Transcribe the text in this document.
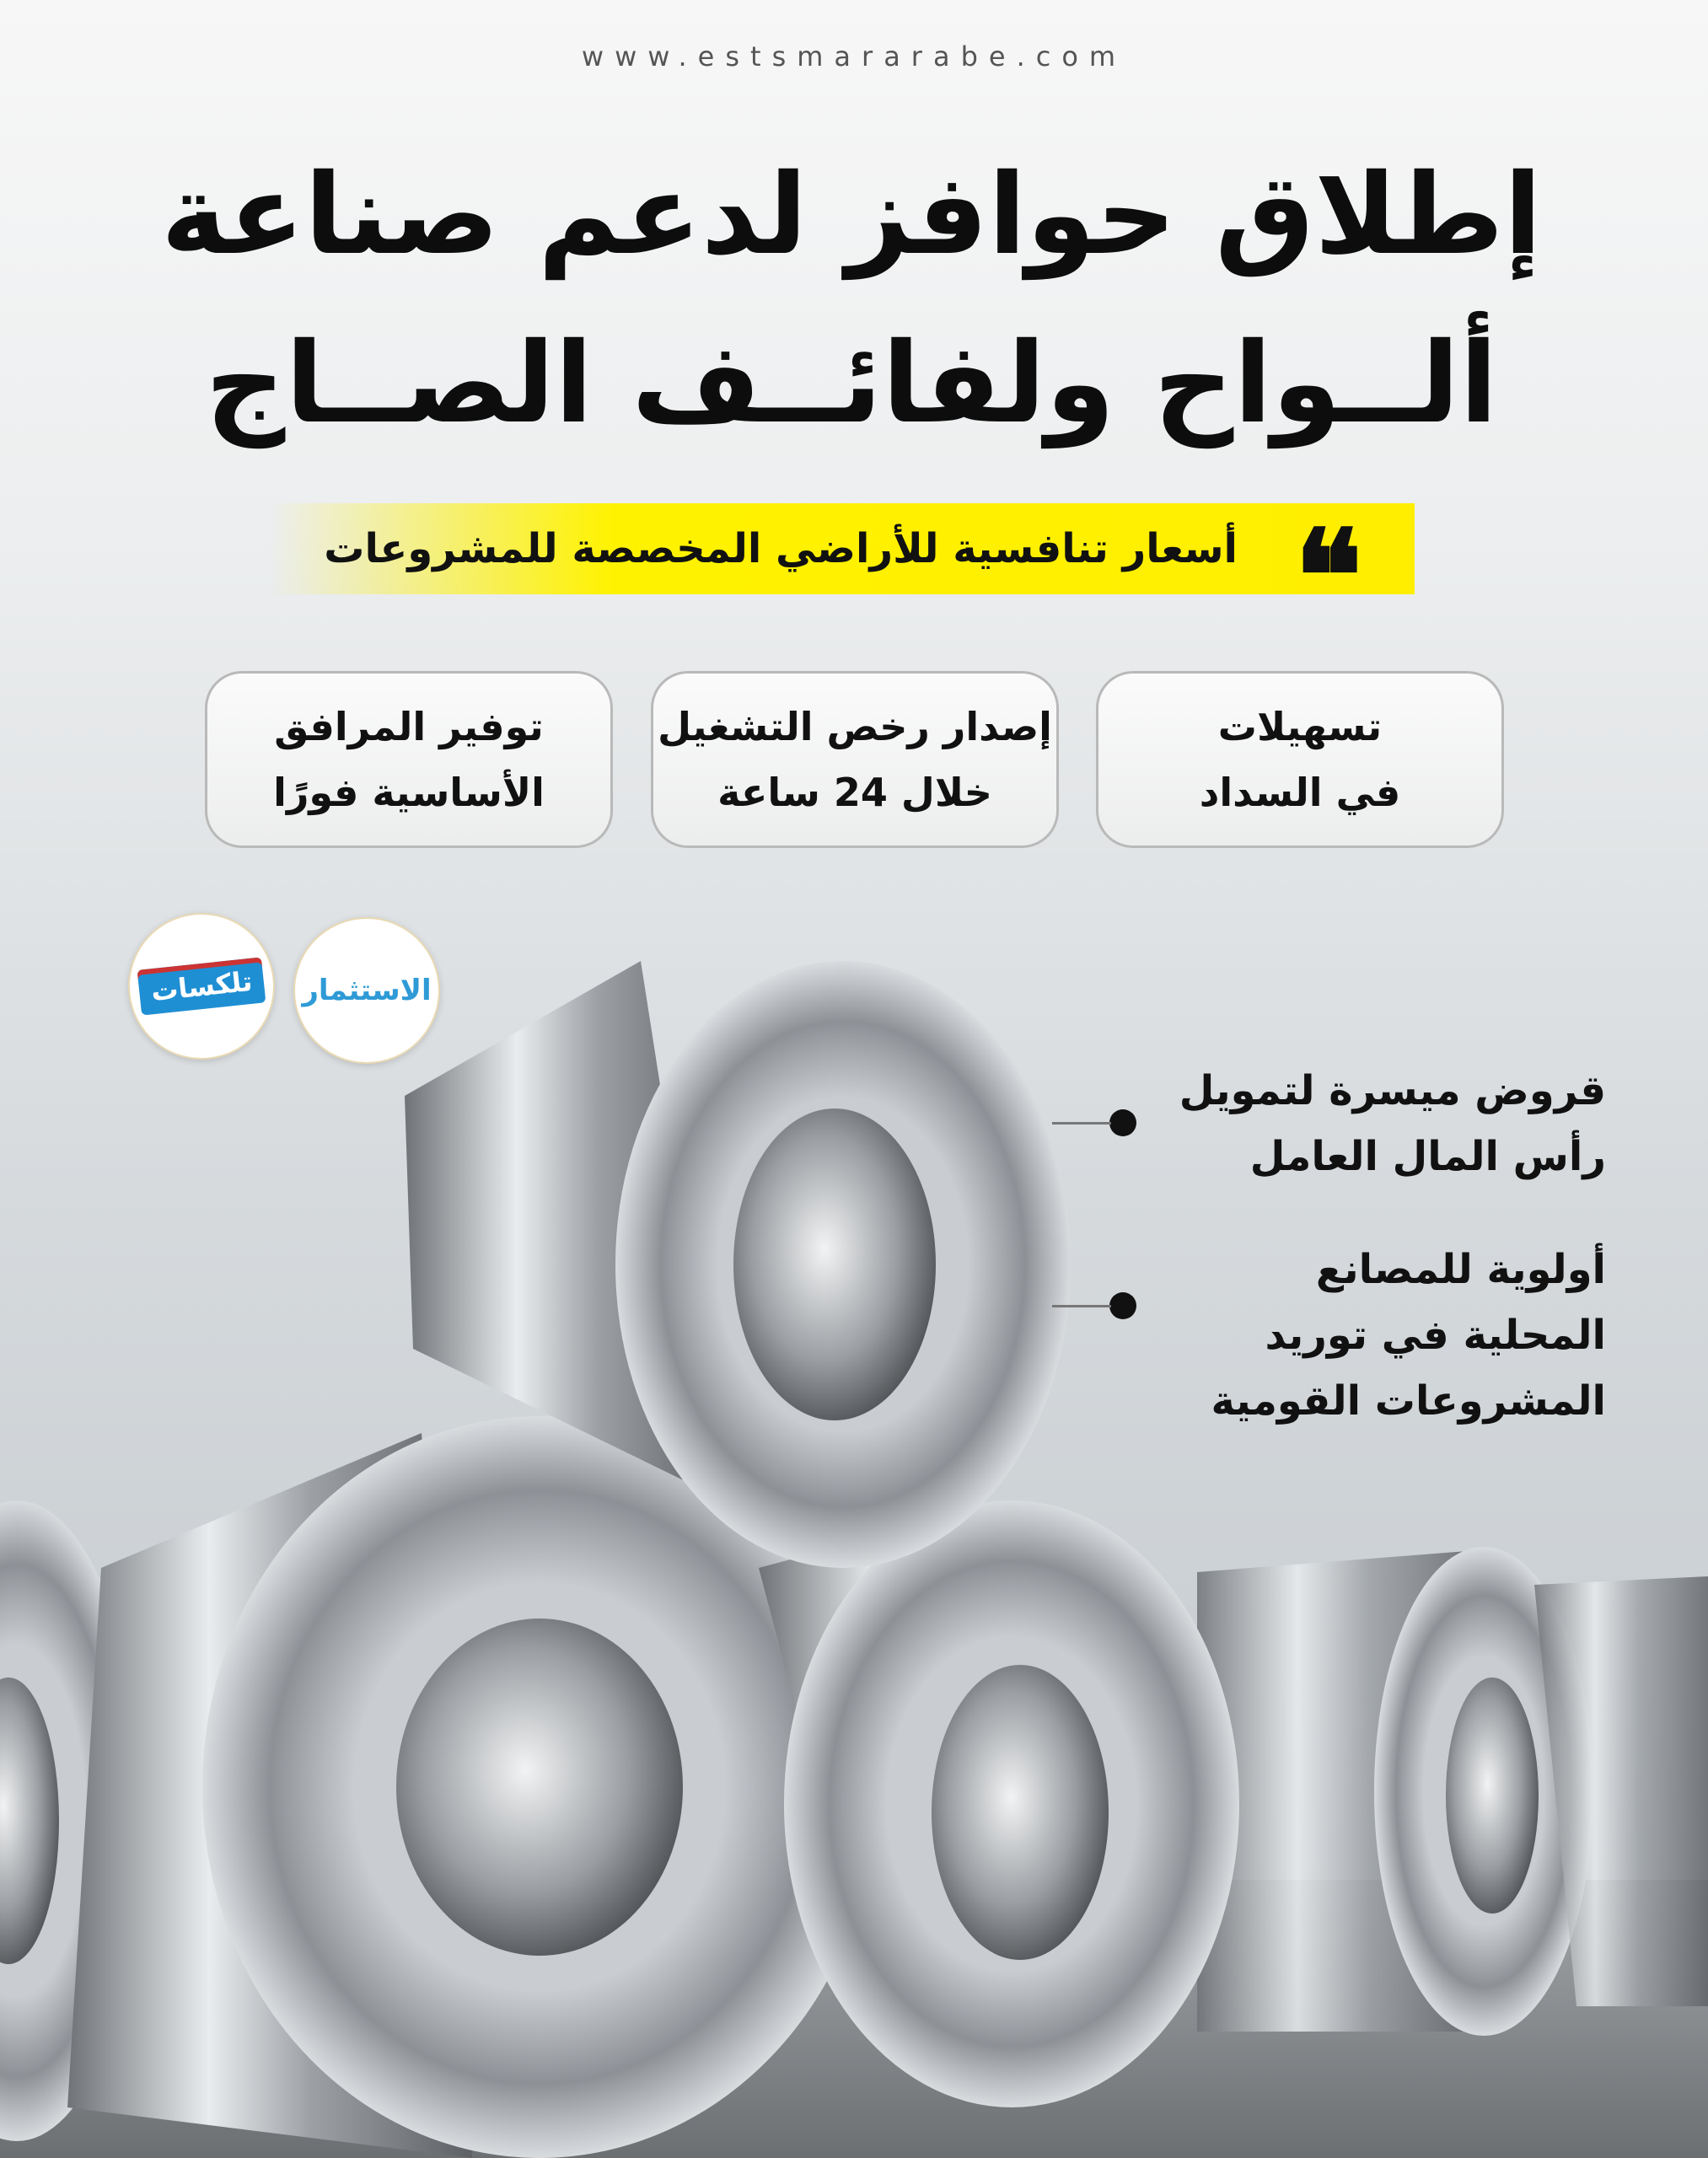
www.estsmararabe.com
إطلاق حوافز لدعم صناعة ألــواح ولفائــف الصــاج
❝
أسعار تنافسية للأراضي المخصصة للمشروعات
تسهيلات
في السداد
إصدار رخص التشغيل
خلال 24 ساعة
توفير المرافق
الأساسية فورًا
الاستثمار
تلكسات
قروض ميسرة لتمويل
رأس المال العامل
أولوية للمصانع
المحلية في توريد
المشروعات القومية
